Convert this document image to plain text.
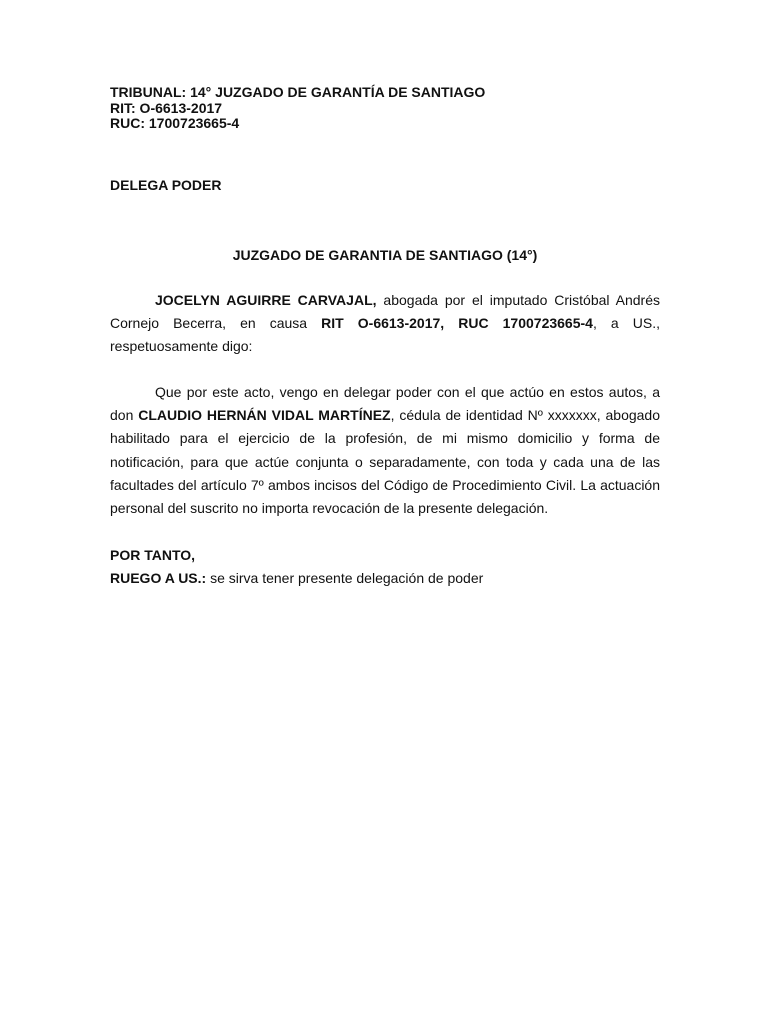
TRIBUNAL: 14° JUZGADO DE GARANTÍA DE SANTIAGO
RIT: O-6613-2017
RUC: 1700723665-4
DELEGA PODER
JUZGADO DE GARANTIA DE SANTIAGO (14°)

JOCELYN AGUIRRE CARVAJAL, abogada por el imputado Cristóbal Andrés Cornejo Becerra, en causa RIT O-6613-2017, RUC 1700723665-4, a US., respetuosamente digo:

Que por este acto, vengo en delegar poder con el que actúo en estos autos, a don CLAUDIO HERNÁN VIDAL MARTÍNEZ, cédula de identidad Nº xxxxxxx, abogado habilitado para el ejercicio de la profesión, de mi mismo domicilio y forma de notificación, para que actúe conjunta o separadamente, con toda y cada una de las facultades del artículo 7º ambos incisos del Código de Procedimiento Civil. La actuación personal del suscrito no importa revocación de la presente delegación.

POR TANTO,
RUEGO A US.: se sirva tener presente delegación de poder
